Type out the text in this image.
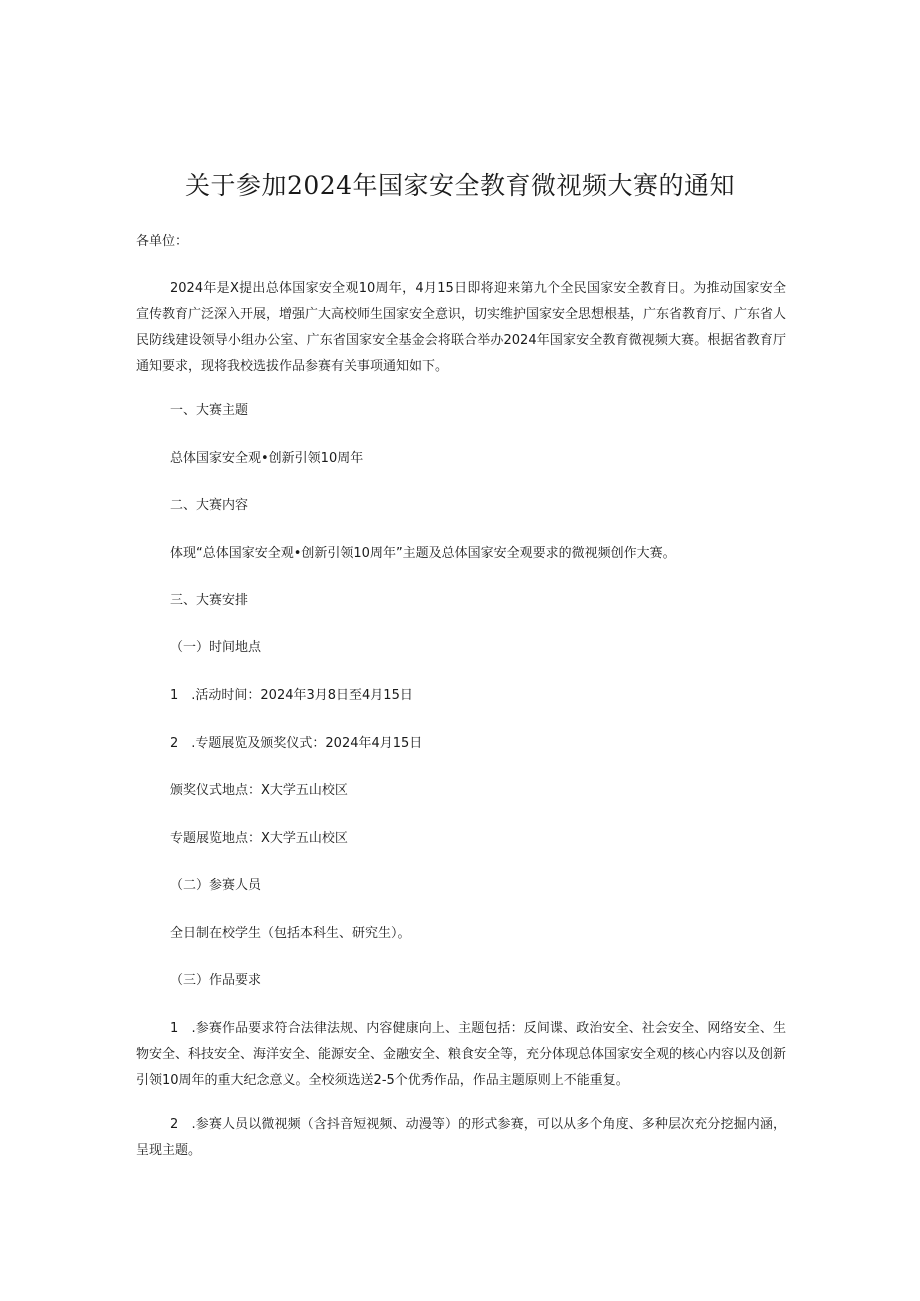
关于参加2024年国家安全教育微视频大赛的通知
各单位：
2024年是X提出总体国家安全观10周年，4月15日即将迎来第九个全民国家安全教育日。为推动国家安全宣传教育广泛深入开展，增强广大高校师生国家安全意识，切实维护国家安全思想根基，广东省教育厅、广东省人民防线建设领导小组办公室、广东省国家安全基金会将联合举办2024年国家安全教育微视频大赛。根据省教育厅通知要求，现将我校选拔作品参赛有关事项通知如下。
一、大赛主题
总体国家安全观•创新引领10周年
二、大赛内容
体现“总体国家安全观•创新引领10周年”主题及总体国家安全观要求的微视频创作大赛。
三、大赛安排
（一）时间地点
1　.活动时间：2024年3月8日至4月15日
2　.专题展览及颁奖仪式：2024年4月15日
颁奖仪式地点：X大学五山校区
专题展览地点：X大学五山校区
（二）参赛人员
全日制在校学生（包括本科生、研究生）。
（三）作品要求
1　.参赛作品要求符合法律法规、内容健康向上、主题包括：反间谍、政治安全、社会安全、网络安全、生物安全、科技安全、海洋安全、能源安全、金融安全、粮食安全等，充分体现总体国家安全观的核心内容以及创新引领10周年的重大纪念意义。全校须选送2-5个优秀作品，作品主题原则上不能重复。
2　.参赛人员以微视频（含抖音短视频、动漫等）的形式参赛，可以从多个角度、多种层次充分挖掘内涵，呈现主题。
